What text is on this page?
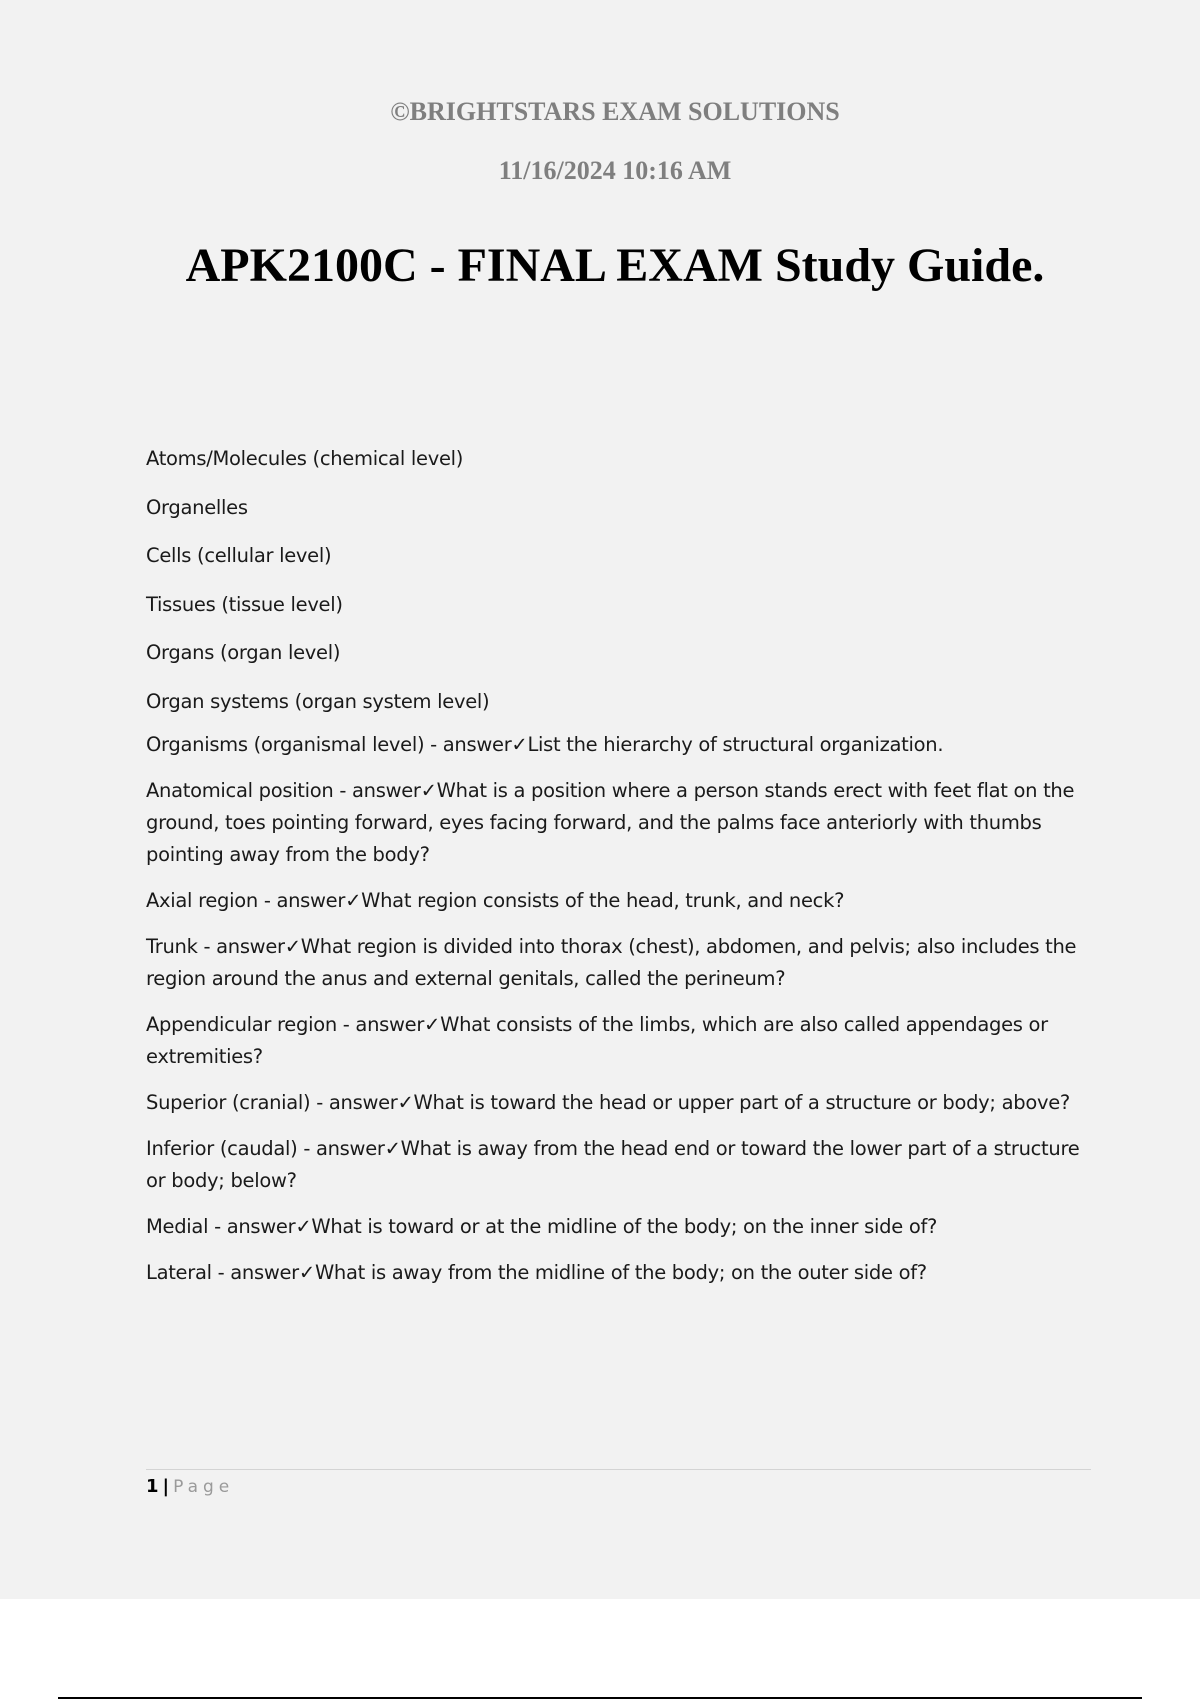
©BRIGHTSTARS EXAM SOLUTIONS
11/16/2024 10:16 AM
APK2100C - FINAL EXAM Study Guide.
Atoms/Molecules (chemical level)
Organelles
Cells (cellular level)
Tissues (tissue level)
Organs (organ level)
Organ systems (organ system level)

Organisms (organismal level) - answer✓List the hierarchy of structural organization.

Anatomical position - answer✓What is a position where a person stands erect with feet flat on the ground, toes pointing forward, eyes facing forward, and the palms face anteriorly with thumbs pointing away from the body?

Axial region - answer✓What region consists of the head, trunk, and neck?

Trunk - answer✓What region is divided into thorax (chest), abdomen, and pelvis; also includes the region around the anus and external genitals, called the perineum?

Appendicular region - answer✓What consists of the limbs, which are also called appendages or extremities?

Superior (cranial) - answer✓What is toward the head or upper part of a structure or body; above?

Inferior (caudal) - answer✓What is away from the head end or toward the lower part of a structure or body; below?

Medial - answer✓What is toward or at the midline of the body; on the inner side of?

Lateral - answer✓What is away from the midline of the body; on the outer side of?

1 | Page
